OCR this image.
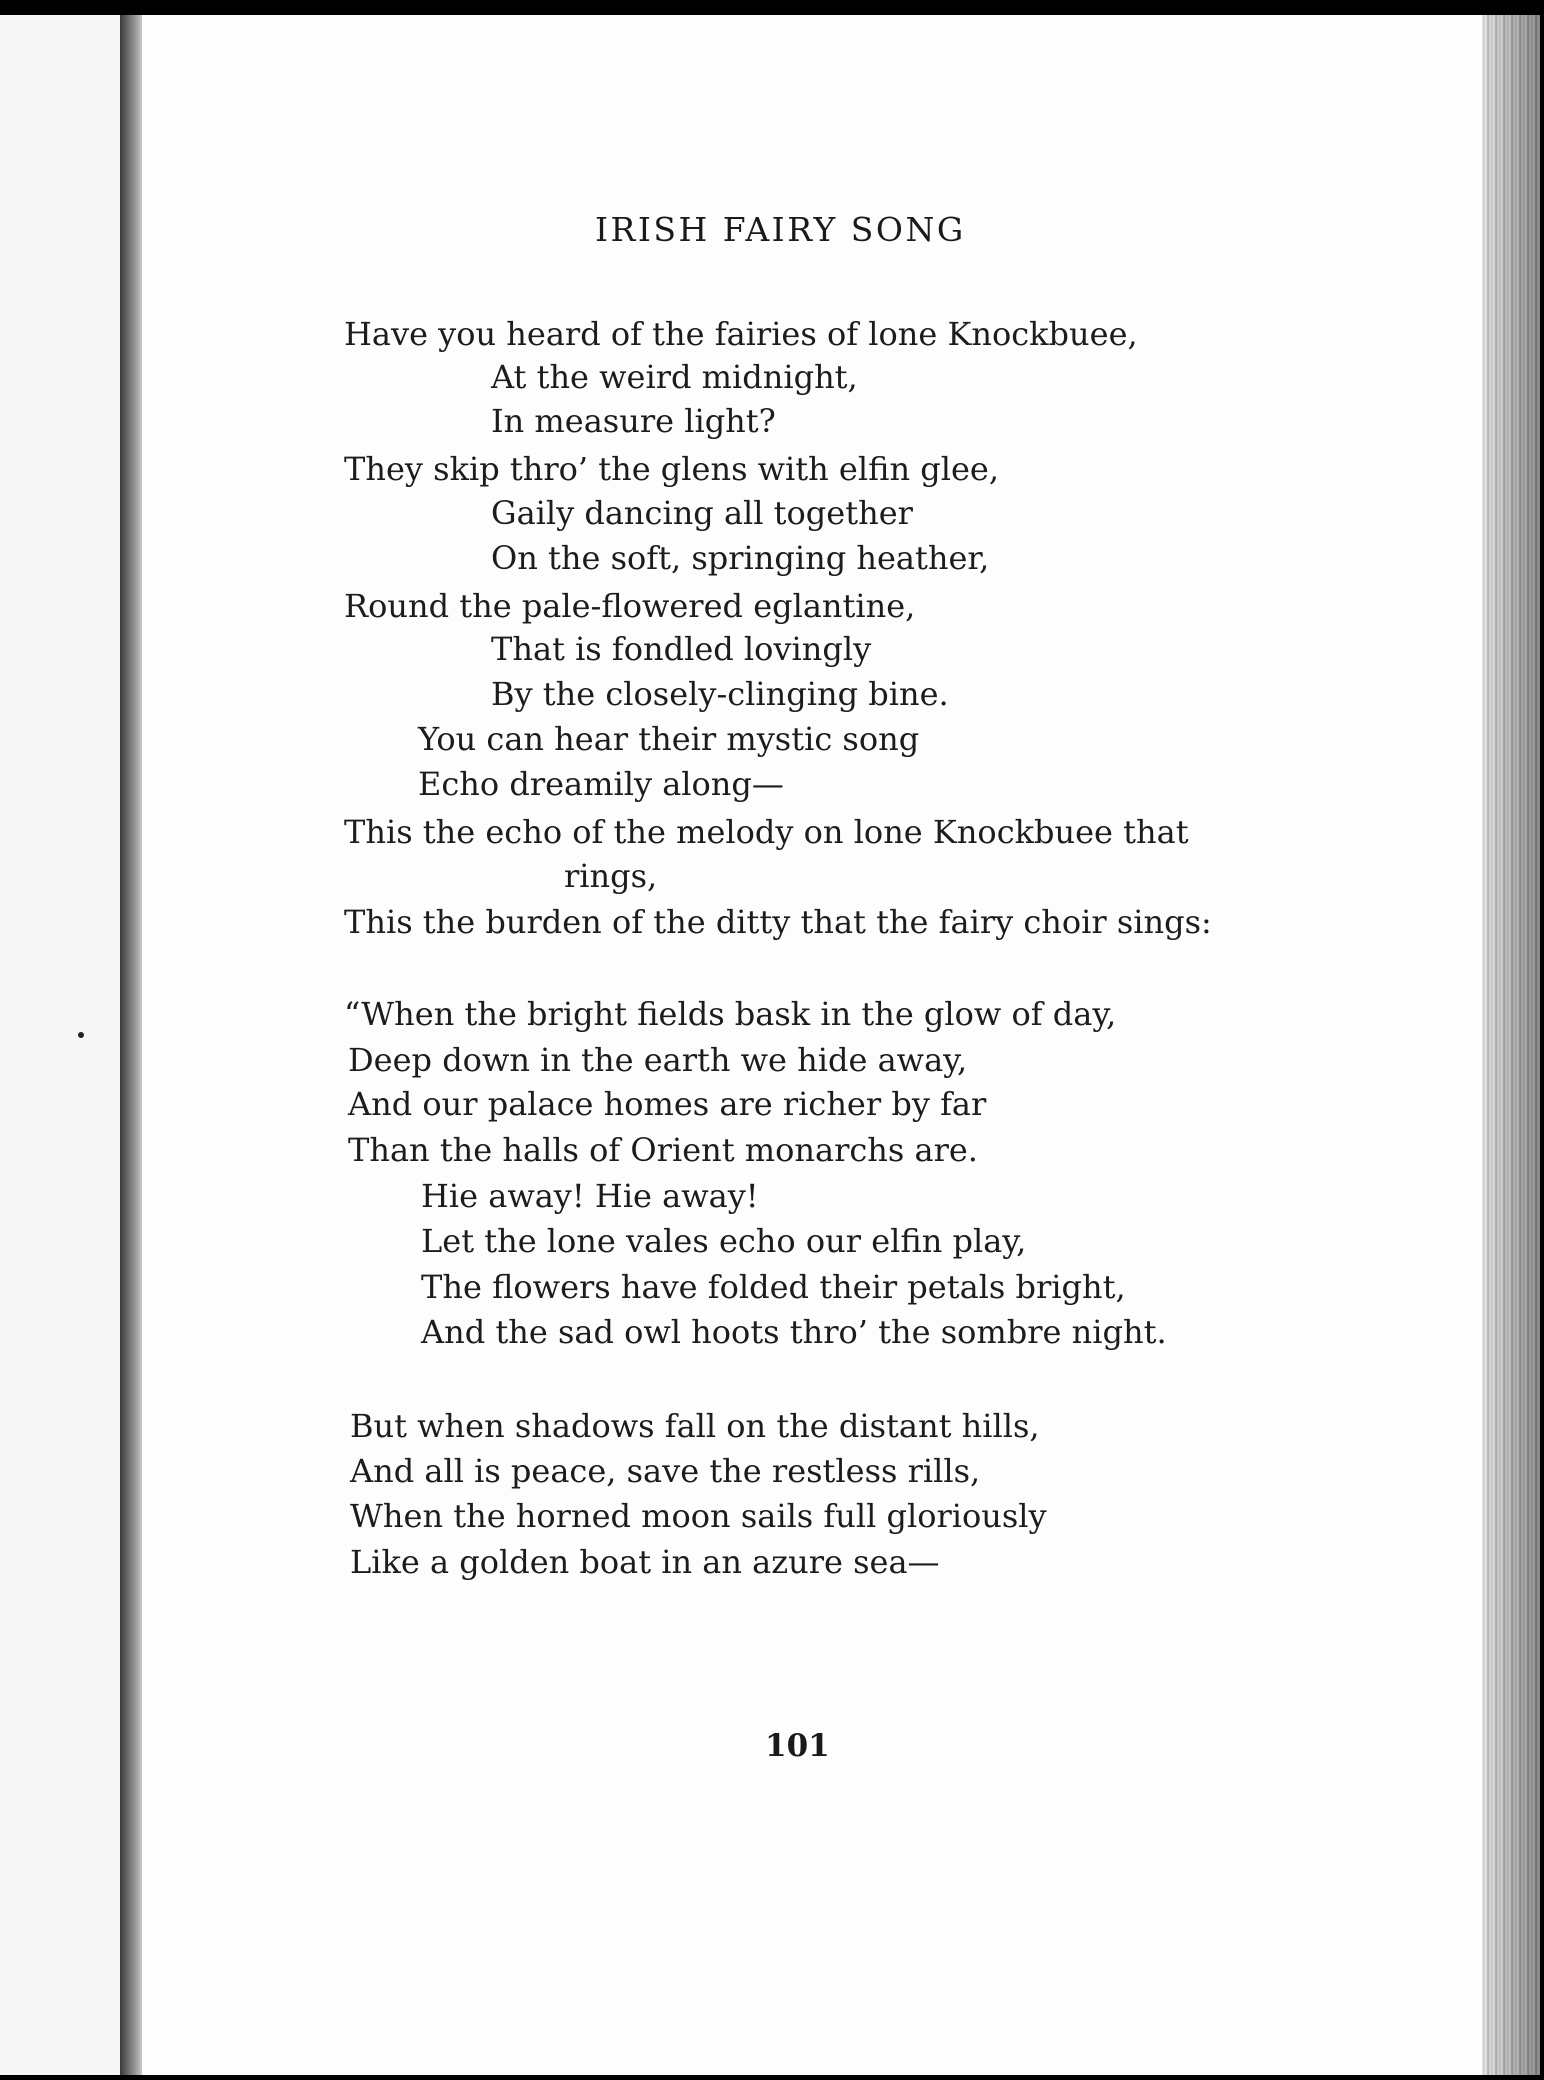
IRISH FAIRY SONG
Have you heard of the fairies of lone Knockbuee,
At the weird midnight,
In measure light?
They skip thro’ the glens with elfin glee,
Gaily dancing all together
On the soft, springing heather,
Round the pale-flowered eglantine,
That is fondled lovingly
By the closely-clinging bine.
You can hear their mystic song
Echo dreamily along—
This the echo of the melody on lone Knockbuee that
rings,
This the burden of the ditty that the fairy choir sings:
“When the bright fields bask in the glow of day,
Deep down in the earth we hide away,
And our palace homes are richer by far
Than the halls of Orient monarchs are.
Hie away! Hie away!
Let the lone vales echo our elfin play,
The flowers have folded their petals bright,
And the sad owl hoots thro’ the sombre night.
But when shadows fall on the distant hills,
And all is peace, save the restless rills,
When the horned moon sails full gloriously
Like a golden boat in an azure sea—
101
